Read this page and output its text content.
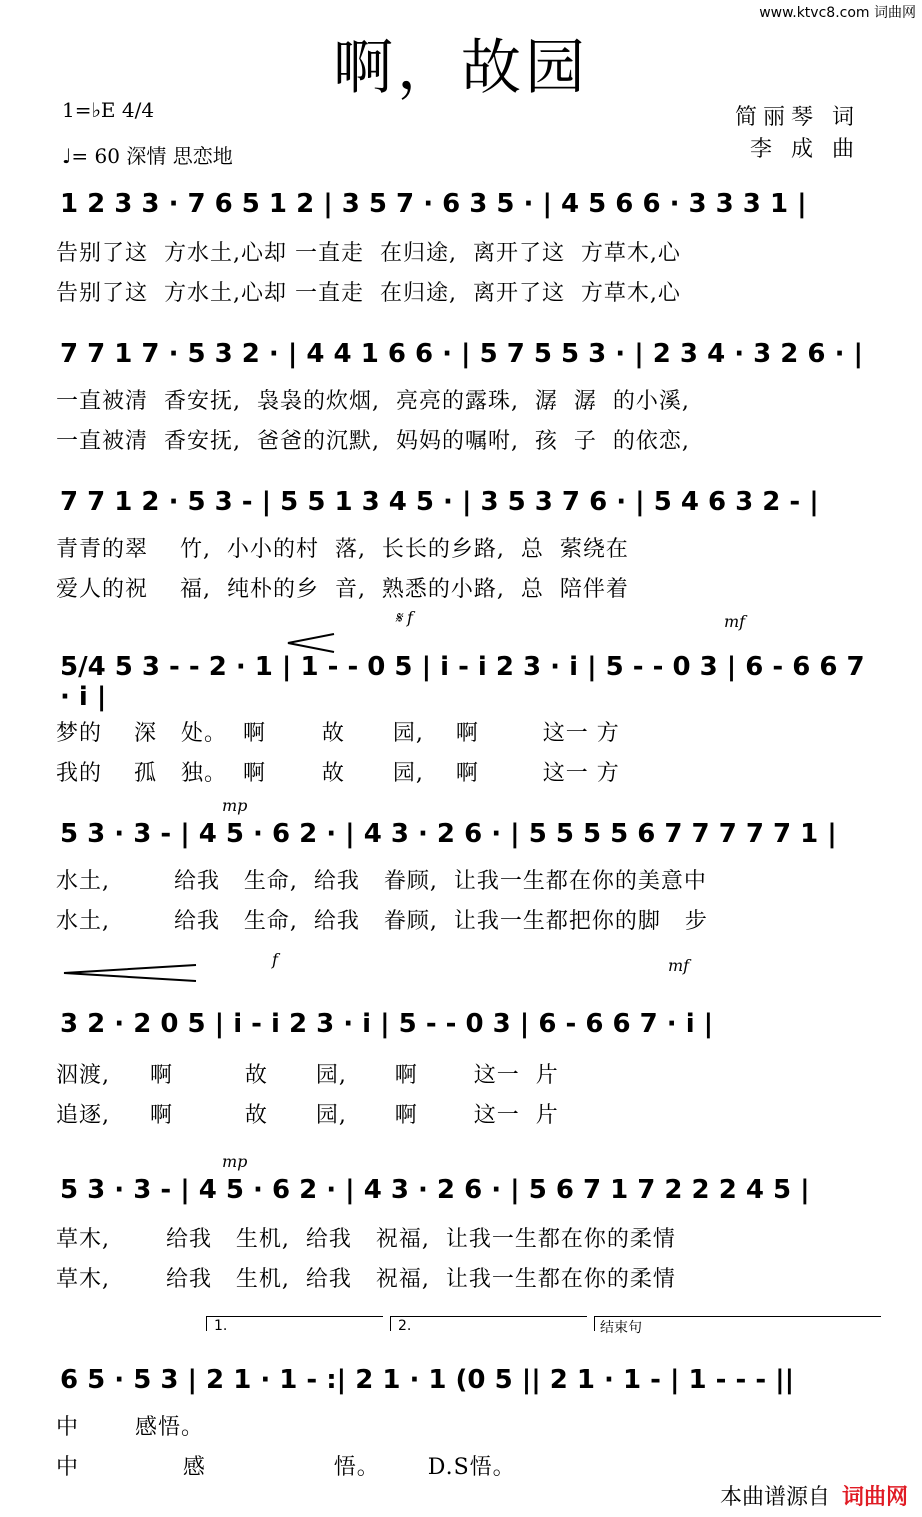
www.ktvc8.com 词曲网
啊，故园
1=♭E 4/4
♩= 60 深情 思恋地
简丽琴 词
李 成 曲
1 2 3 3 · 7 6 5 1 2 | 3 5 7 · 6 3 5 · | 4 5 6 6 · 3 3 3 1 |
告别了这  方水土,心却 一直走  在归途,  离开了这  方草木,心
告别了这  方水土,心却 一直走  在归途,  离开了这  方草木,心
7 7 1 7 · 5 3 2 · | 4 4 1 6 6 · | 5 7 5 5 3 · | 2 3 4 · 3 2 6 · |
一直被清  香安抚,  袅袅的炊烟,  亮亮的露珠,  潺  潺  的小溪,
一直被清  香安抚,  爸爸的沉默,  妈妈的嘱咐,  孩  子  的依恋,
7 7 1 2 · 5 3 - | 5 5 1 3 4 5 · | 3 5 3 7 6 · | 5 4 6 3 2 - |
青青的翠    竹,  小小的村  落,  长长的乡路,  总  萦绕在
爱人的祝    福,  纯朴的乡  音,  熟悉的小路,  总  陪伴着
𝄋 f	mf
5/4 5 3 - - 2 · 1 | 1 - - 0 5 | i - i 2 3 · i | 5 - - 0 3 | 6 - 6 6 7 · i |
梦的    深   处。  啊       故      园,    啊        这一 方
我的    孤   独。  啊       故      园,    啊        这一 方
mp
5 3 · 3 - | 4 5 · 6 2 · | 4 3 · 2 6 · | 5 5 5 5 6 7 7 7 7 7 1 |
水土,        给我   生命,  给我   眷顾,  让我一生都在你的美意中
水土,        给我   生命,  给我   眷顾,  让我一生都把你的脚   步
f	mf
3 2 · 2 0 5 | i - i 2 3 · i | 5 - - 0 3 | 6 - 6 6 7 · i |
泅渡,     啊         故      园,      啊       这一  片
追逐,     啊         故      园,      啊       这一  片
mp
5 3 · 3 - | 4 5 · 6 2 · | 4 3 · 2 6 · | 5 6 7 1 7 2 2 2 4 5 |
草木,       给我   生机,  给我   祝福,  让我一生都在你的柔情
草木,       给我   生机,  给我   祝福,  让我一生都在你的柔情
1.	2.	结束句
6 5 · 5 3 | 2 1 · 1 - :| 2 1 · 1 (0 5 || 2 1 · 1 - | 1 - - - ||
中       感悟。
中             感                悟。      D.S悟。
本曲谱源自 词曲网
